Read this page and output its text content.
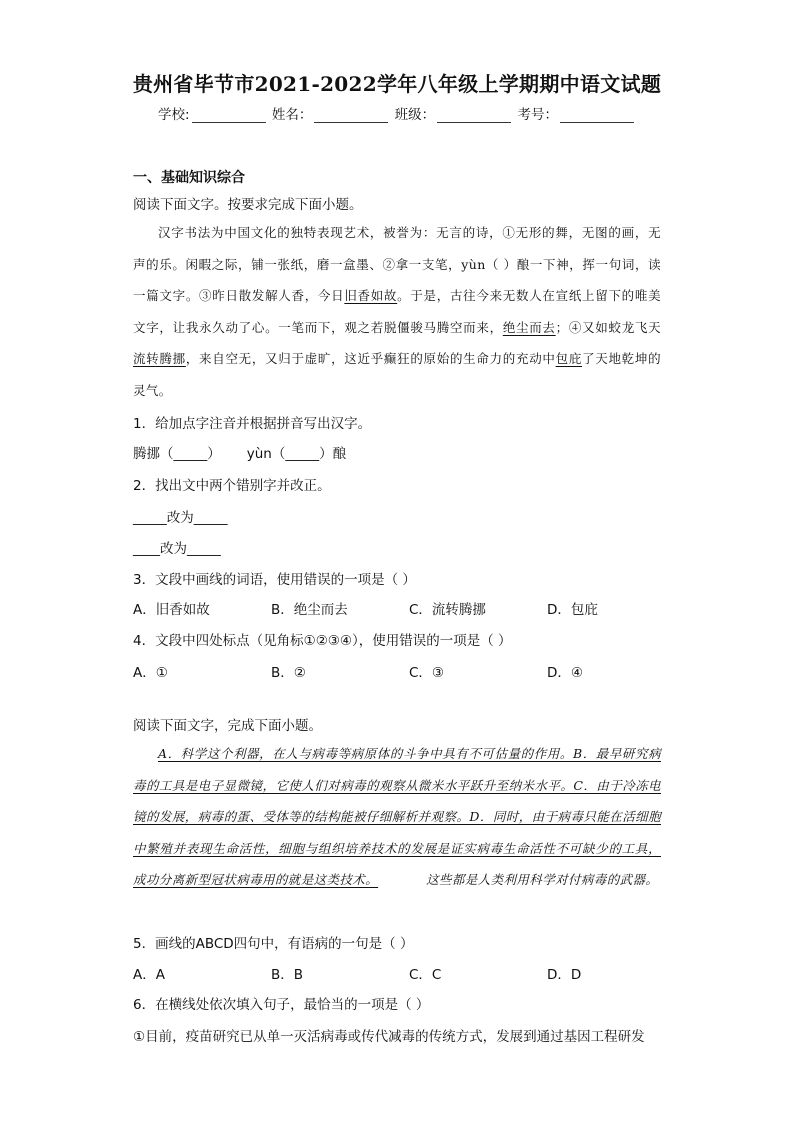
贵州省毕节市2021-2022学年八年级上学期期中语文试题
学校:	姓名：	班级：	考号：
一、基础知识综合
阅读下面文字。按要求完成下面小题。

汉字书法为中国文化的独特表现艺术，被誉为：无言的诗，①无形的舞，无图的画，无声的乐。闲暇之际，铺一张纸，磨一盒墨、②拿一支笔，yùn（ ）酿一下神，挥一句词，读一篇文字。③昨日散发解人香，今日旧香如故。于是，古往今来无数人在宣纸上留下的唯美文字，让我永久动了心。一笔而下，观之若脱僵骏马腾空而来，绝尘而去；④又如蛟龙飞天流转腾挪，来自空无，又归于虚旷，这近乎癫狂的原始的生命力的充动中包庇了天地乾坤的灵气。

1．给加点字注音并根据拼音写出汉字。
腾挪（_____） yùn（_____）酿
2．找出文中两个错别字并改正。
_____改为_____
____改为_____
3．文段中画线的词语，使用错误的一项是（ ）
A．旧香如故	B．绝尘而去	C．流转腾挪	D．包庇
4．文段中四处标点（见角标①②③④），使用错误的一项是（ ）
A．①	B．②	C．③	D．④
阅读下面文字，完成下面小题。

A．科学这个利器，在人与病毒等病原体的斗争中具有不可估量的作用。B．最早研究病毒的工具是电子显微镜，它使人们对病毒的观察从微米水平跃升至纳米水平。C．由于冷冻电镜的发展，病毒的蛋、受体等的结构能被仔细解析并观察。D．同时，由于病毒只能在活细胞中繁殖并表现生命活性，细胞与组织培养技术的发展是证实病毒生命活性不可缺少的工具，成功分离新型冠状病毒用的就是这类技术。	这些都是人类利用科学对付病毒的武器。

5．画线的ABCD四句中，有语病的一句是（ ）
A．A	B．B	C．C	D．D
6．在横线处依次填入句子，最恰当的一项是（ ）
①目前，疫苗研究已从单一灭活病毒或传代减毒的传统方式，发展到通过基因工程研发
